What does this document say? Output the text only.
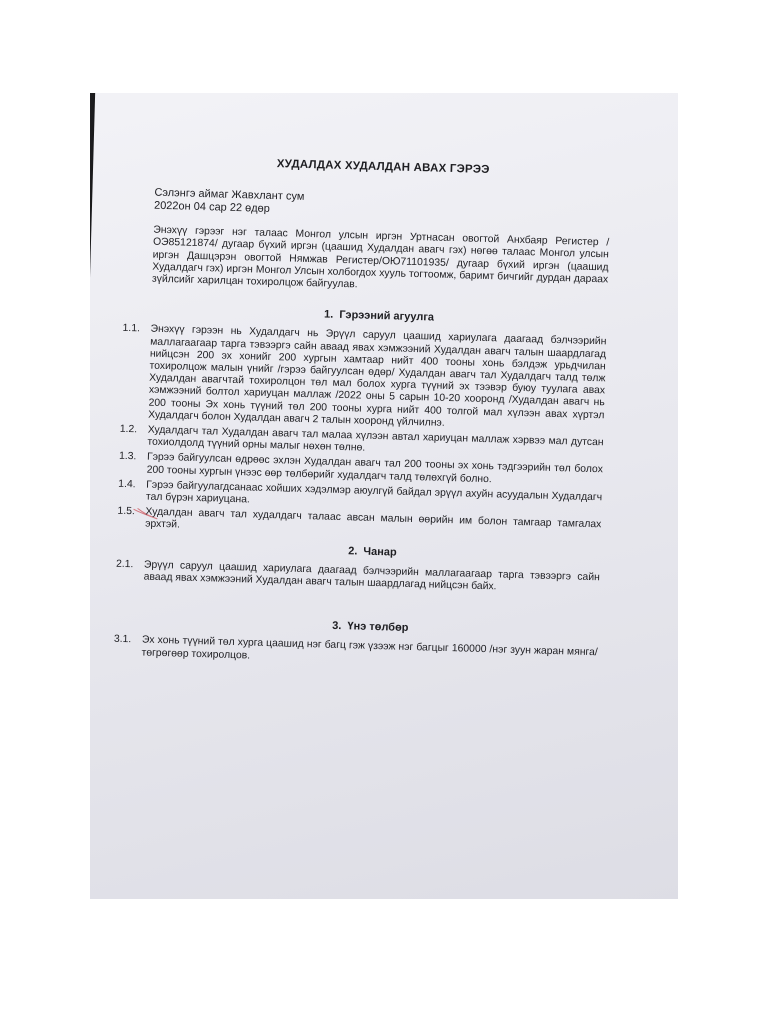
ХУДАЛДАХ ХУДАЛДАН АВАХ ГЭРЭЭ

Сэлэнгэ аймаг Жавхлант сум

2022он 04 сар 22 өдөр

Энэхүү гэрээг нэг талаас Монгол улсын иргэн Уртнасан овогтой Анхбаяр Регистер /ОЭ85121874/ дугаар бүхий иргэн (цаашид Худалдан авагч гэх) нөгөө талаас Монгол улсын иргэн Дашцэрэн овогтой Нямжав Регистер/ОЮ71101935/ дугаар бүхий иргэн (цаашид Худалдагч гэх) иргэн Монгол Улсын холбогдох хууль тогтоомж, баримт бичгийг дурдан дараах зүйлсийг харилцан тохиролцож байгуулав.

1. Гэрээний агуулга
1.1. Энэхүү гэрээн нь Худалдагч нь Эрүүл саруул цаашид хариулага даагаад бэлчээрийн маллагаагаар тарга тэвээргэ сайн аваад явах хэмжээний Худалдан авагч талын шаардлагад нийцсэн 200 эх хонийг 200 хургын хамтаар нийт 400 тооны хонь бэлдэж урьдчилан тохиролцож малын үнийг /гэрээ байгуулсан өдөр/ Худалдан авагч тал Худалдагч талд төлж Худалдан авагчтай тохиролцон төл мал болох хурга түүний эх тээвэр буюу туулага авах хэмжээний болтол хариуцан маллаж /2022 оны 5 сарын 10-20 хооронд /Худалдан авагч нь 200 тооны Эх хонь түүний төл 200 тооны хурга нийт 400 толгой мал хүлээн авах хүртэл Худалдагч болон Худалдан авагч 2 талын хооронд үйлчилнэ.
1.2. Худалдагч тал Худалдан авагч тал малаа хүлээн автал хариуцан маллаж хэрвээ мал дутсан тохиолдолд түүний орны малыг нөхөн төлнө.
1.3. Гэрээ байгуулсан өдрөөс эхлэн Худалдан авагч тал 200 тооны эх хонь тэдгээрийн төл болох 200 тооны хургын үнээс өөр төлбөрийг худалдагч талд төлөхгүй болно.
1.4. Гэрээ байгуулагдсанаас хойших хэдэлмэр аюулгүй байдал эрүүл ахуйн асуудалын Худалдагч тал бүрэн хариуцана.
1.5. Худалдан авагч тал худалдагч талаас авсан малын өөрийн им болон тамгаар тамгалах эрхтэй.
2. Чанар
2.1. Эрүүл саруул цаашид хариулага даагаад бэлчээрийн маллагаагаар тарга тэвээргэ сайн аваад явах хэмжээний Худалдан авагч талын шаардлагад нийцсэн байх.
3. Үнэ төлбөр
3.1. Эх хонь түүний төл хурга цаашид нэг багц гэж үзээж нэг багцыг 160000 /нэг зуун жаран мянга/төгрөгөөр тохиролцов.
